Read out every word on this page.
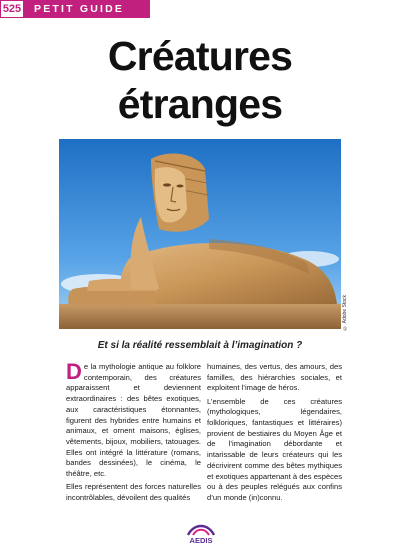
525	PETIT GUIDE
Créatures
étranges
© Adobe Stock
Et si la réalité ressemblait à l’imagination ?

De la mythologie antique au folklore contemporain, des créatures apparaissent et deviennent extraordinaires : des bêtes exotiques, aux caractéristiques étonnantes, figurent des hybrides entre humains et animaux, et ornent maisons, églises, vêtements, bijoux, mobiliers, tatouages. Elles ont intégré la littérature (romans, bandes dessinées), le cinéma, le théâtre, etc.

Elles représentent des forces naturelles incontrôlables, dévoilent des qualités

humaines, des vertus, des amours, des familles, des hiérarchies sociales, et exploitent l’image de héros.

L’ensemble de ces créatures (mythologiques, légendaires, folkloriques, fantastiques et littéraires) provient de bestiaires du Moyen Âge et de l’imagination débordante et intarissable de leurs créateurs qui les décrivirent comme des bêtes mythiques et exotiques appartenant à des espèces ou à des peuples relégués aux confins d’un monde (in)connu.

AEDIS
